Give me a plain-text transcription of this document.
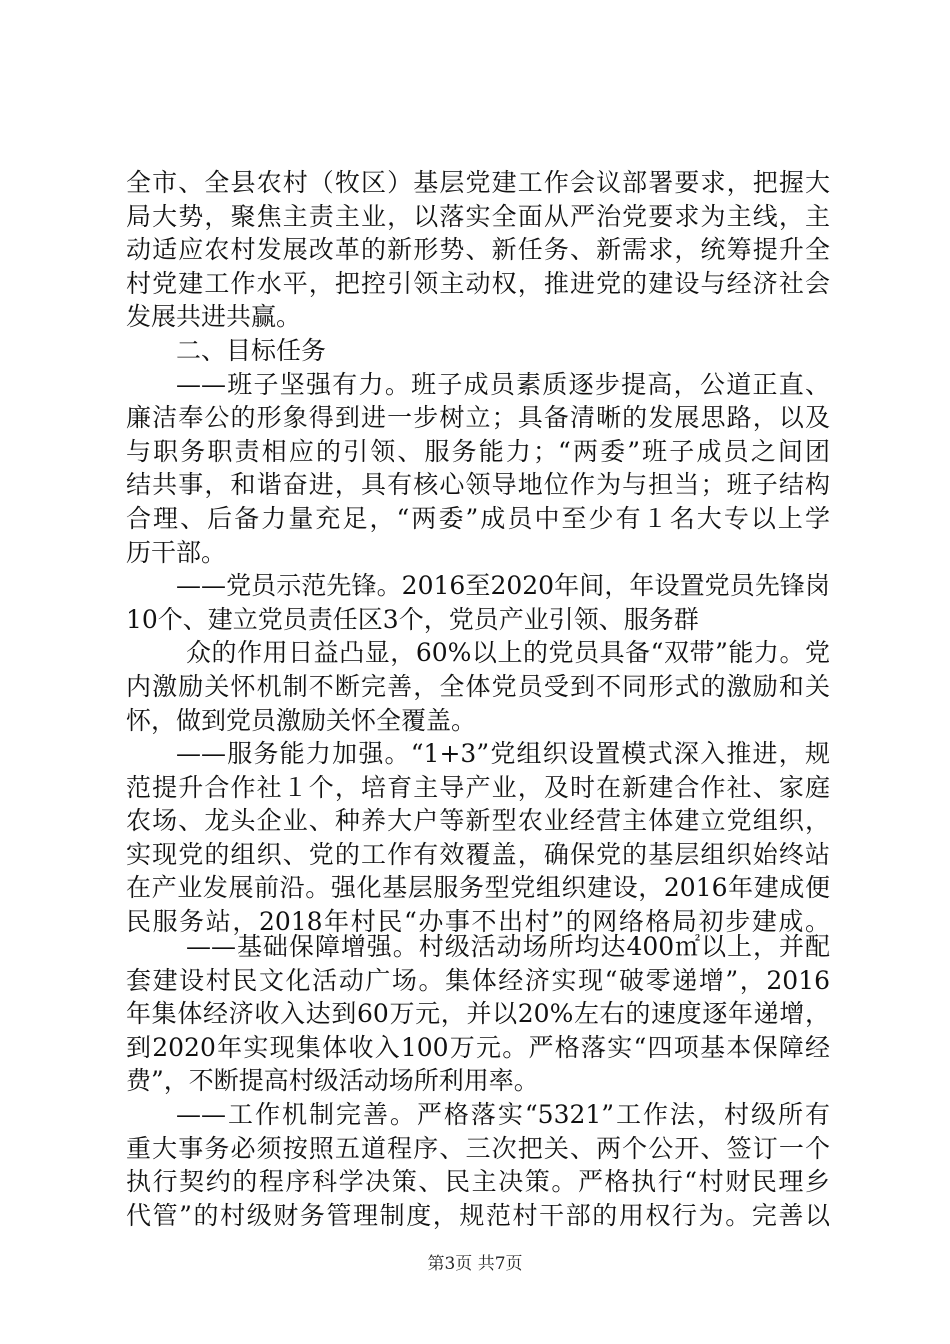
全市、全县农村（牧区）基层党建工作会议部署要求，把握大
局大势，聚焦主责主业，以落实全面从严治党要求为主线，主
动适应农村发展改革的新形势、新任务、新需求，统筹提升全
村党建工作水平，把控引领主动权，推进党的建设与经济社会
发展共进共赢。
二、目标任务
——班子坚强有力。班子成员素质逐步提高，公道正直、
廉洁奉公的形象得到进一步树立；具备清晰的发展思路，以及
与职务职责相应的引领、服务能力；“两委”班子成员之间团
结共事，和谐奋进，具有核心领导地位作为与担当；班子结构
合理、后备力量充足，“两委”成员中至少有１名大专以上学
历干部。
——党员示范先锋。2016至2020年间，年设置党员先锋岗
10个、建立党员责任区3个，党员产业引领、服务群
众的作用日益凸显，60%以上的党员具备“双带”能力。党
内激励关怀机制不断完善，全体党员受到不同形式的激励和关
怀，做到党员激励关怀全覆盖。
——服务能力加强。“1+3”党组织设置模式深入推进，规
范提升合作社１个，培育主导产业，及时在新建合作社、家庭
农场、龙头企业、种养大户等新型农业经营主体建立党组织，
实现党的组织、党的工作有效覆盖，确保党的基层组织始终站
在产业发展前沿。强化基层服务型党组织建设，2016年建成便
民服务站，2018年村民“办事不出村”的网络格局初步建成。
——基础保障增强。村级活动场所均达400㎡以上，并配
套建设村民文化活动广场。集体经济实现“破零递增”，2016
年集体经济收入达到60万元，并以20%左右的速度逐年递增，
到2020年实现集体收入100万元。严格落实“四项基本保障经
费”，不断提高村级活动场所利用率。
——工作机制完善。严格落实“5321”工作法，村级所有
重大事务必须按照五道程序、三次把关、两个公开、签订一个
执行契约的程序科学决策、民主决策。严格执行“村财民理乡
代管”的村级财务管理制度，规范村干部的用权行为。完善以
第3页 共7页
